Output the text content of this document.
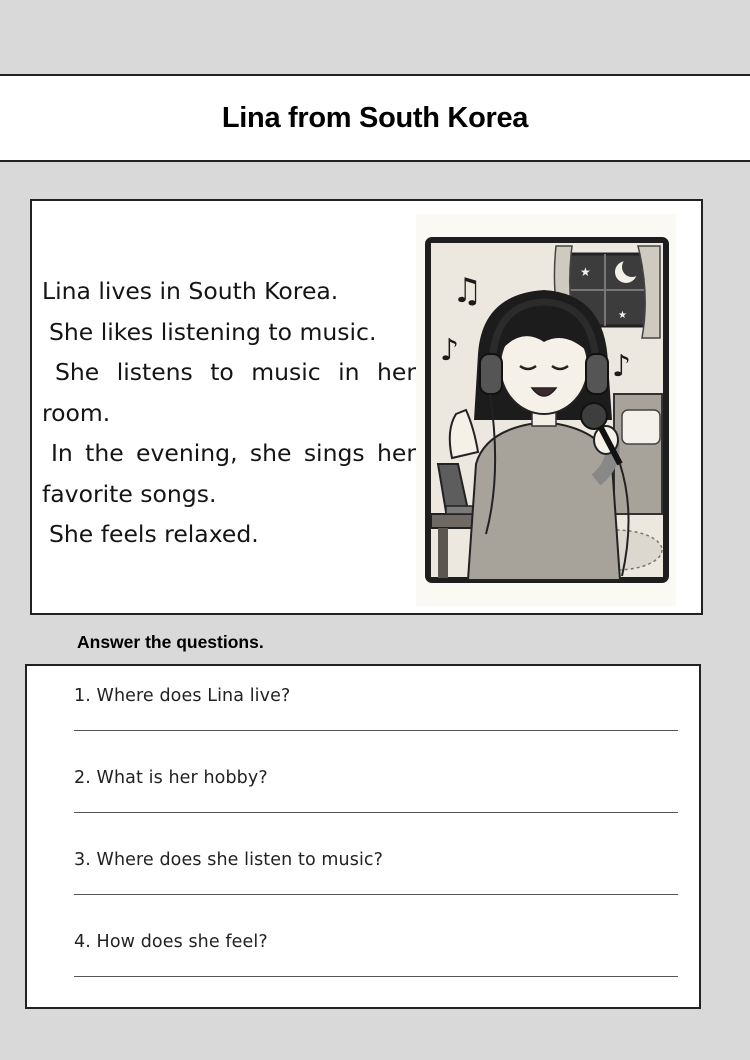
Lina from South Korea

Lina lives in South Korea.

She likes listening to music.

She listens to music in her room.

In the evening, she sings her favorite songs.

She feels relaxed.

★
★
♫
♪	♪

Answer the questions.

1. Where does Lina live?
2. What is her hobby?
3. Where does she listen to music?
4. How does she feel?
